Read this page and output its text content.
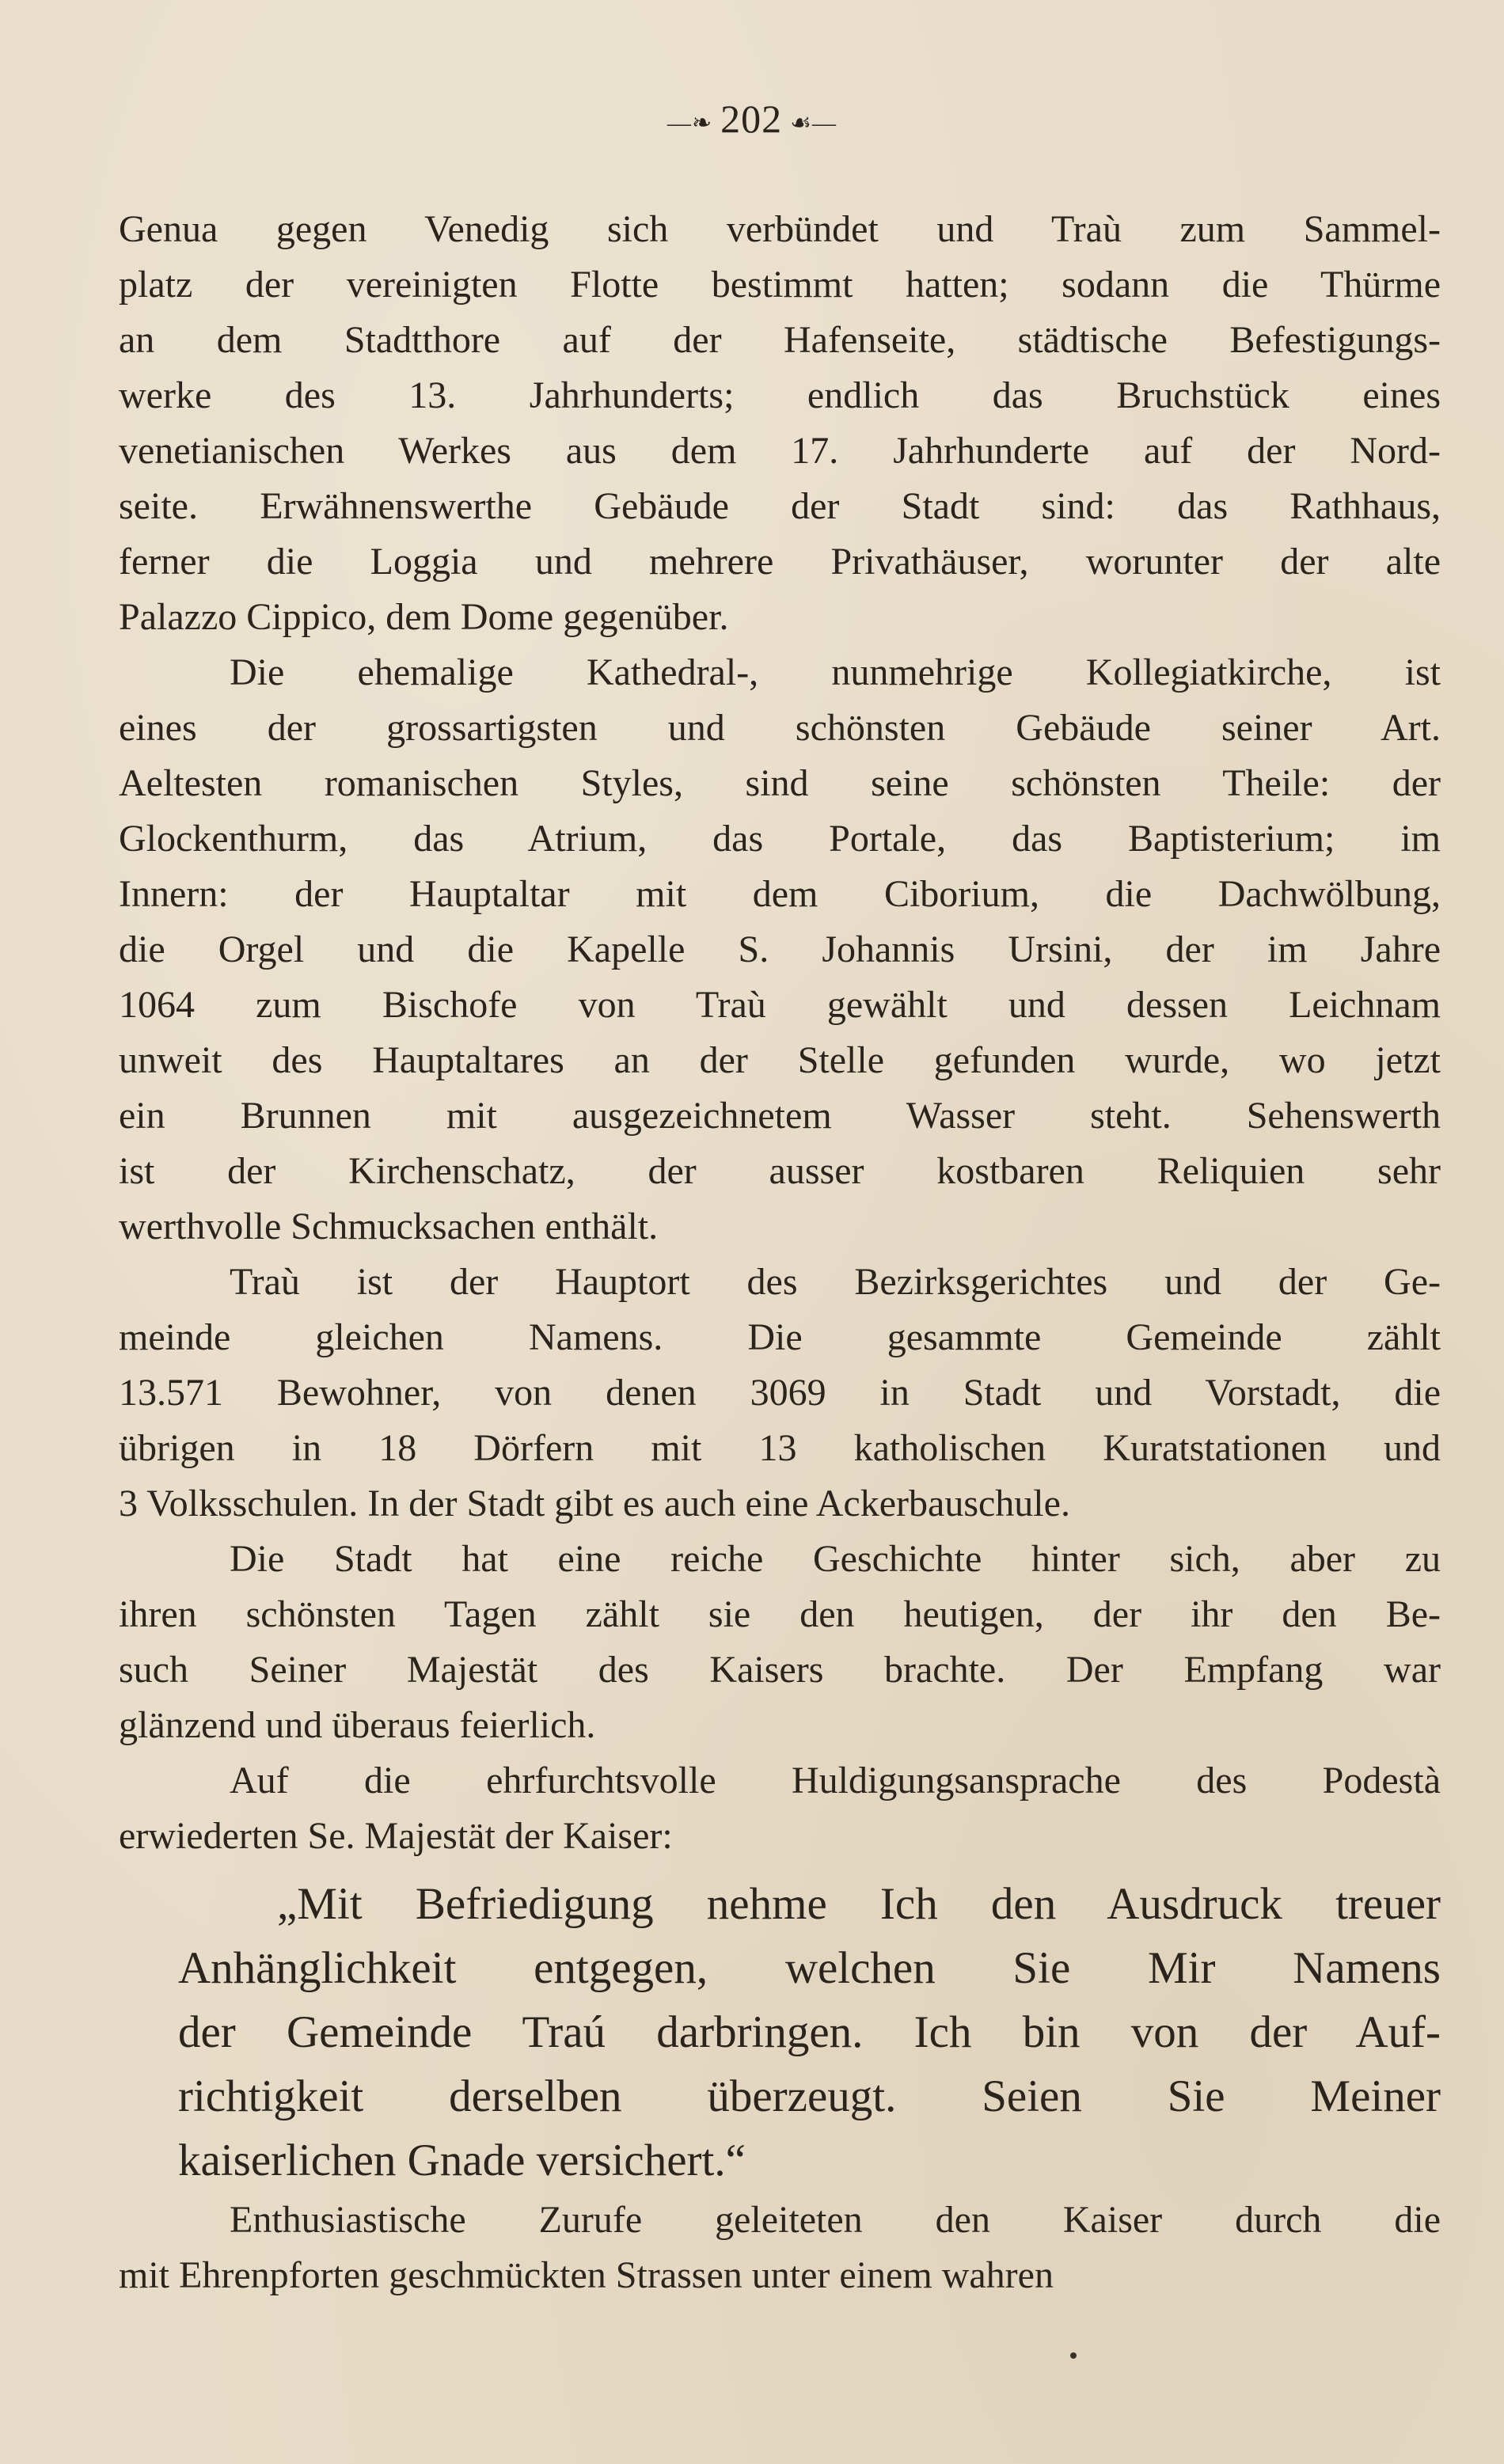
—❧ 202 ☙—
Genua gegen Venedig sich verbündet und Traù zum Sammel-
platz der vereinigten Flotte bestimmt hatten; sodann die Thürme
an dem Stadtthore auf der Hafenseite, städtische Befestigungs-
werke des 13. Jahrhunderts; endlich das Bruchstück eines
venetianischen Werkes aus dem 17. Jahrhunderte auf der Nord-
seite. Erwähnenswerthe Gebäude der Stadt sind: das Rathhaus,
ferner die Loggia und mehrere Privathäuser, worunter der alte
Palazzo Cippico, dem Dome gegenüber.
Die ehemalige Kathedral-, nunmehrige Kollegiatkirche, ist
eines der grossartigsten und schönsten Gebäude seiner Art.
Aeltesten romanischen Styles, sind seine schönsten Theile: der
Glockenthurm, das Atrium, das Portale, das Baptisterium; im
Innern: der Hauptaltar mit dem Ciborium, die Dachwölbung,
die Orgel und die Kapelle S. Johannis Ursini, der im Jahre
1064 zum Bischofe von Traù gewählt und dessen Leichnam
unweit des Hauptaltares an der Stelle gefunden wurde, wo jetzt
ein Brunnen mit ausgezeichnetem Wasser steht. Sehenswerth
ist der Kirchenschatz, der ausser kostbaren Reliquien sehr
werthvolle Schmucksachen enthält.
Traù ist der Hauptort des Bezirksgerichtes und der Ge-
meinde gleichen Namens. Die gesammte Gemeinde zählt
13.571 Bewohner, von denen 3069 in Stadt und Vorstadt, die
übrigen in 18 Dörfern mit 13 katholischen Kuratstationen und
3 Volksschulen. In der Stadt gibt es auch eine Ackerbauschule.
Die Stadt hat eine reiche Geschichte hinter sich, aber zu
ihren schönsten Tagen zählt sie den heutigen, der ihr den Be-
such Seiner Majestät des Kaisers brachte. Der Empfang war
glänzend und überaus feierlich.
Auf die ehrfurchtsvolle Huldigungsansprache des Podestà
erwiederten Se. Majestät der Kaiser:
„Mit Befriedigung nehme Ich den Ausdruck treuer
Anhänglichkeit entgegen, welchen Sie Mir Namens
der Gemeinde Traú darbringen. Ich bin von der Auf-
richtigkeit derselben überzeugt. Seien Sie Meiner
kaiserlichen Gnade versichert.“
Enthusiastische Zurufe geleiteten den Kaiser durch die
mit Ehrenpforten geschmückten Strassen unter einem wahren
